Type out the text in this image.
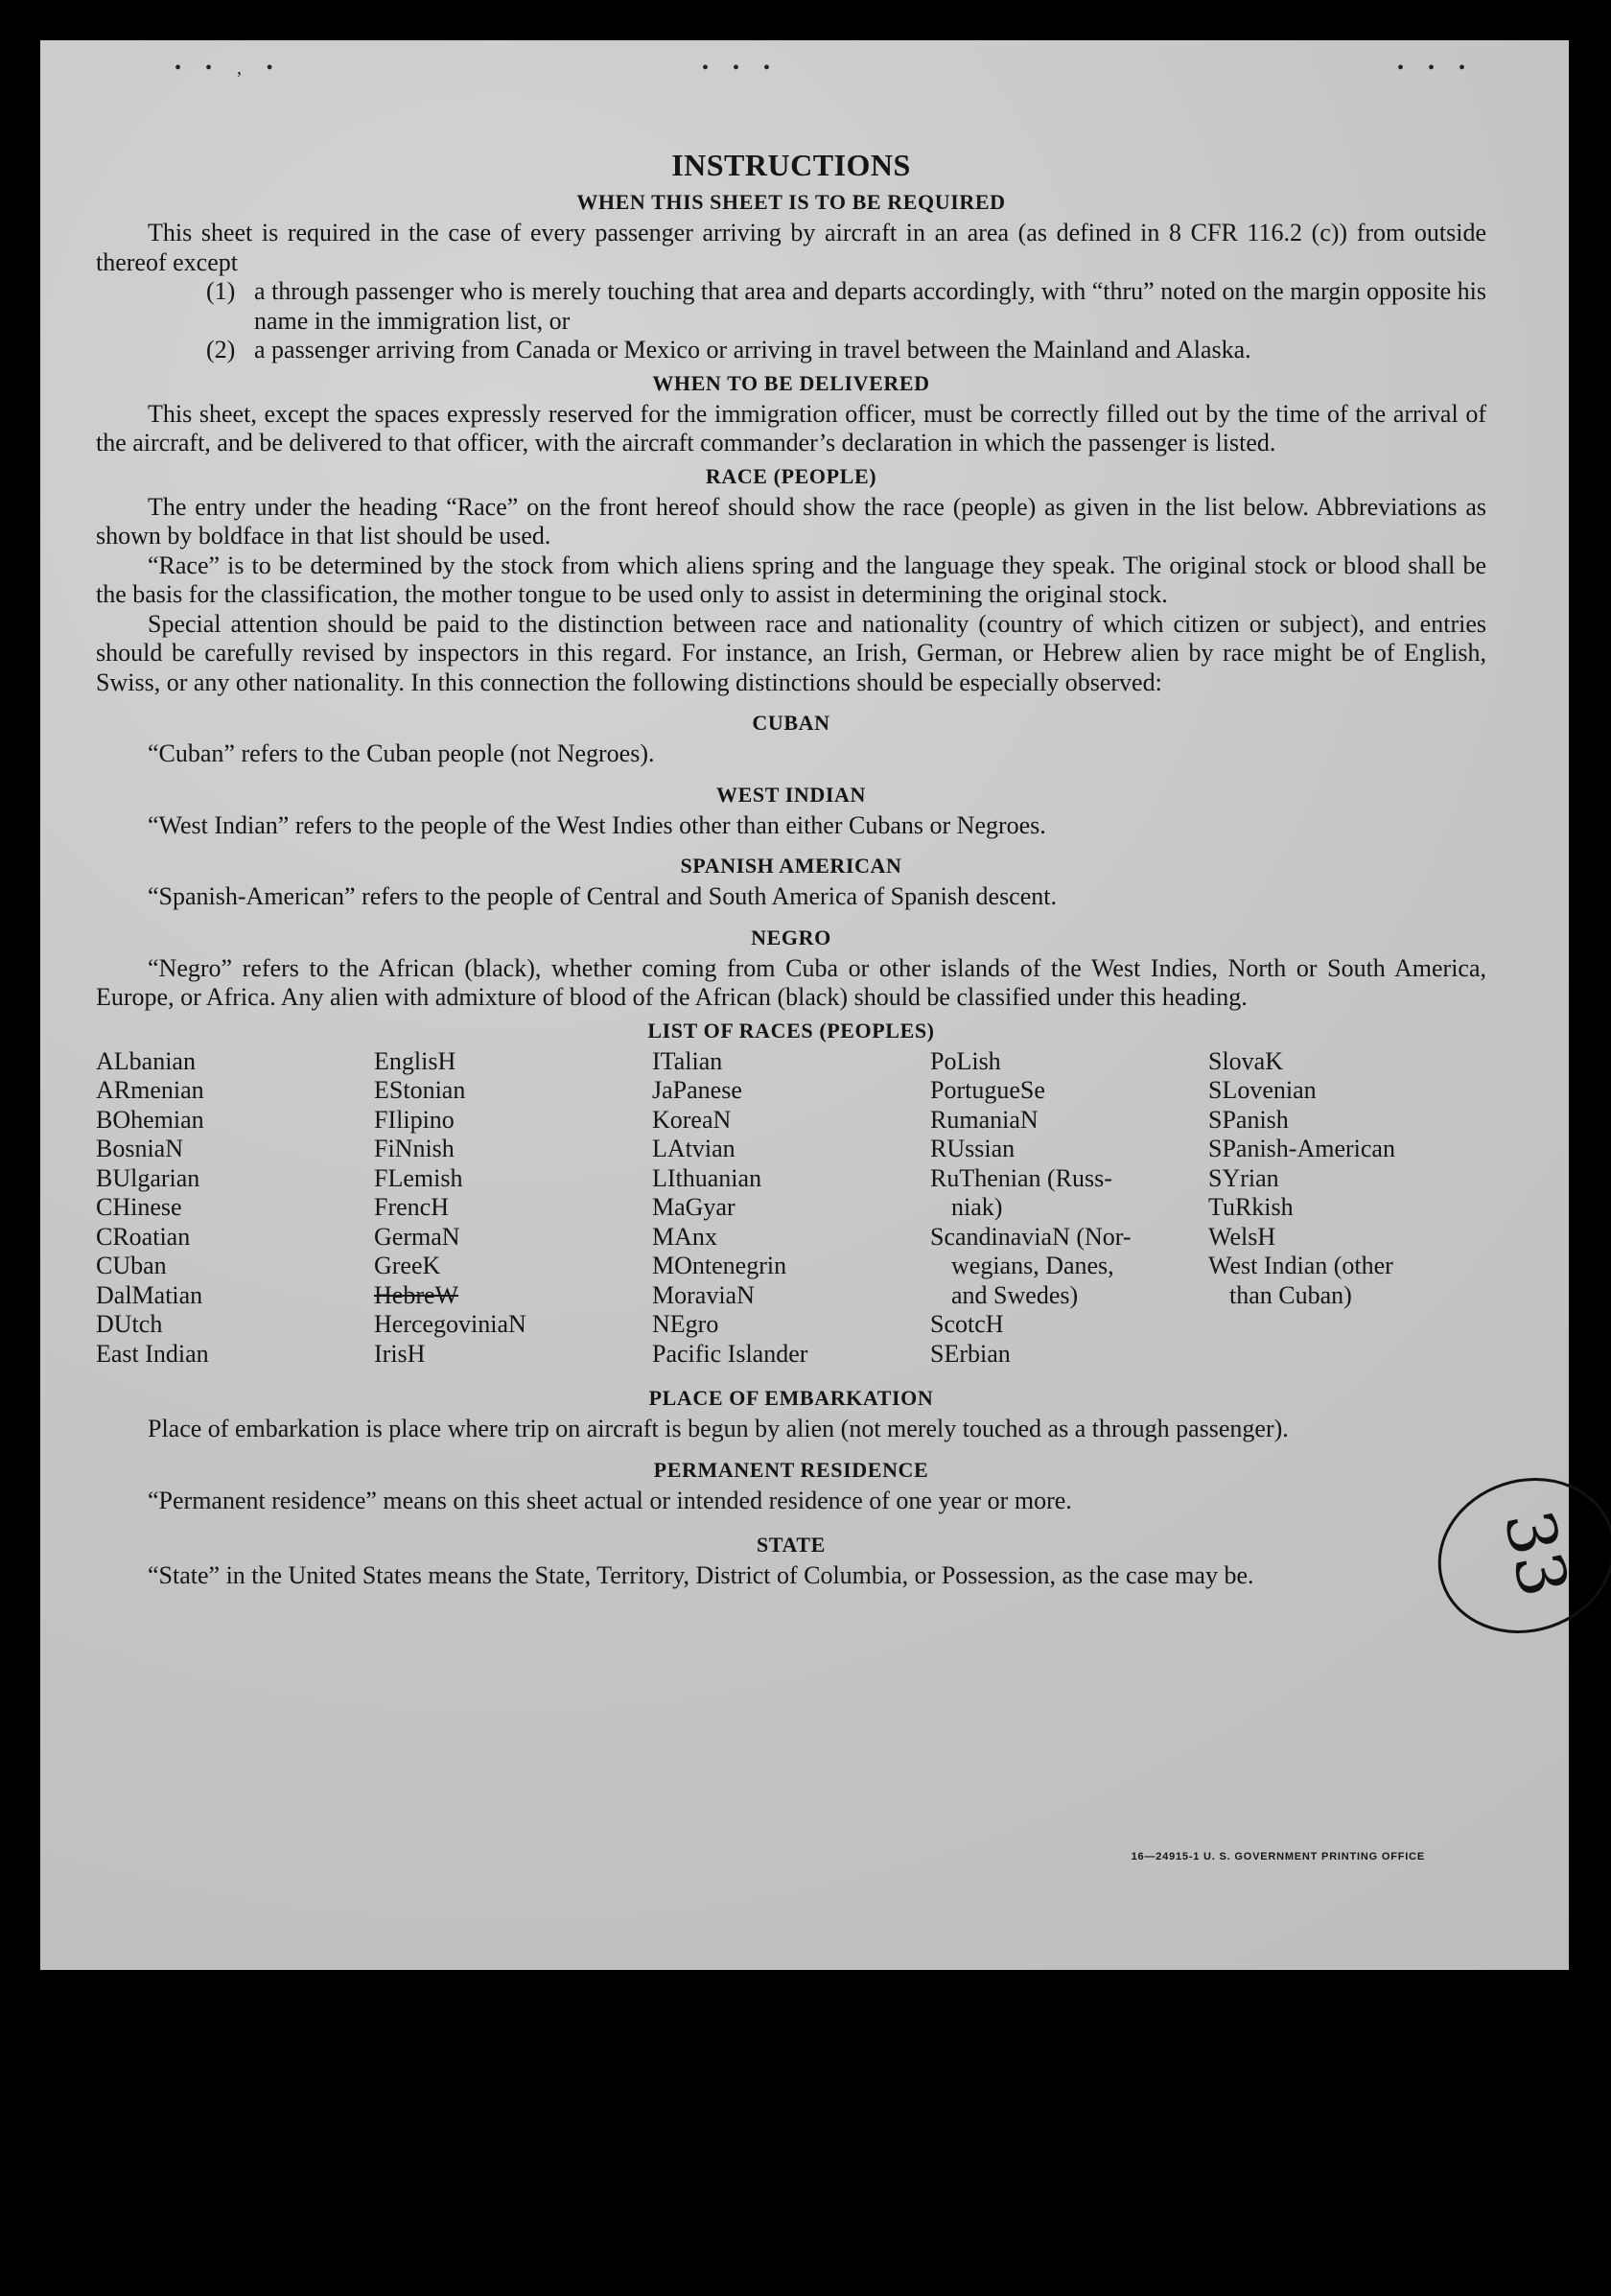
• • ‚ •	• • •	• • •
INSTRUCTIONS
WHEN THIS SHEET IS TO BE REQUIRED

This sheet is required in the case of every passenger arriving by aircraft in an area (as defined in 8 CFR 116.2 (c)) from outside thereof except

(1) a through passenger who is merely touching that area and departs accordingly, with “thru” noted on the margin opposite his name in the immigration list, or
(2) a passenger arriving from Canada or Mexico or arriving in travel between the Mainland and Alaska.
WHEN TO BE DELIVERED

This sheet, except the spaces expressly reserved for the immigration officer, must be correctly filled out by the time of the arrival of the aircraft, and be delivered to that officer, with the aircraft commander’s declaration in which the passenger is listed.

RACE (PEOPLE)

The entry under the heading “Race” on the front hereof should show the race (people) as given in the list below. Abbreviations as shown by boldface in that list should be used.

“Race” is to be determined by the stock from which aliens spring and the language they speak. The original stock or blood shall be the basis for the classification, the mother tongue to be used only to assist in determining the original stock.

Special attention should be paid to the distinction between race and nationality (country of which citizen or subject), and entries should be carefully revised by inspectors in this regard. For instance, an Irish, German, or Hebrew alien by race might be of English, Swiss, or any other nationality. In this connection the following distinctions should be especially observed:

CUBAN

“Cuban” refers to the Cuban people (not Negroes).

WEST INDIAN

“West Indian” refers to the people of the West Indies other than either Cubans or Negroes.

SPANISH AMERICAN

“Spanish-American” refers to the people of Central and South America of Spanish descent.

NEGRO

“Negro” refers to the African (black), whether coming from Cuba or other islands of the West Indies, North or South America, Europe, or Africa. Any alien with admixture of blood of the African (black) should be classified under this heading.

LIST OF RACES (PEOPLES)
ALbanian
ARmenian
BOhemian
BosniaN
BUlgarian
CHinese
CRoatian
CUban
DalMatian
DUtch
East Indian
EnglisH
EStonian
FIlipino
FiNnish
FLemish
FrencH
GermaN
GreeK
HebreW
HercegoviniaN
IrisH
ITalian
JaPanese
KoreaN
LAtvian
LIthuanian
MaGyar
MAnx
MOntenegrin
MoraviaN
NEgro
Pacific Islander
PoLish
PortugueSe
RumaniaN
RUssian
RuThenian (Russ-
niak)
ScandinaviaN (Nor-
wegians, Danes,
and Swedes)
ScotcH
SErbian
SlovaK
SLovenian
SPanish
SPanish-American
SYrian
TuRkish
WelsH
West Indian (other
than Cuban)
PLACE OF EMBARKATION

Place of embarkation is place where trip on aircraft is begun by alien (not merely touched as a through passenger).

PERMANENT RESIDENCE

“Permanent residence” means on this sheet actual or intended residence of one year or more.

STATE

“State” in the United States means the State, Territory, District of Columbia, or Possession, as the case may be.

16—24915-1 U. S. GOVERNMENT PRINTING OFFICE
33
